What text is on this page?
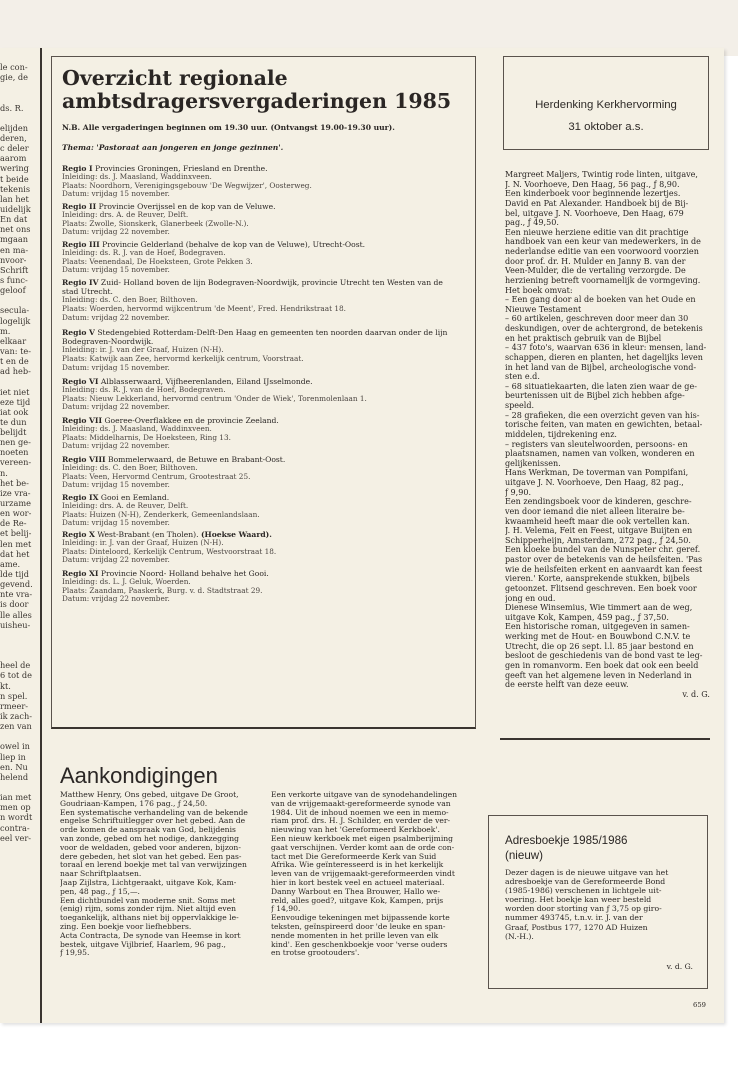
le con-
gie, de
ds. R.
elijden
deren,
c deler
aarom
wering
t beide
tekenis
lan het
uidelijk
En dat
net ons
mgaan
en ma-
nvoor-
Schrift
s func-
geloof
secula-
logelijk
m.
elkaar
van: te-
t en de
ad heb-
iet niet
eze tijd
iat ook
te dun
belijdt
nen ge-
noeten
vereen-
n.
het be-
ize vra-
urzame
en wor-
de Re-
et belij-
len met
dat het
ame.
lde tijd
gevend.
nte vra-
is door
lle alles
uisheu-
heel de
6 tot de
kt.
n spel.
rmeer-
ik zach-
zen van
owel in
liep in
en. Nu
helend
ian met
men op
n wordt
contra-
eel ver-
Overzicht regionale
ambtsdragersvergaderingen 1985
N.B. Alle vergaderingen beginnen om 19.30 uur. (Ontvangst 19.00-19.30 uur).
Thema: 'Pastoraat aan jongeren en jonge gezinnen'.
Regio I Provincies Groningen, Friesland en Drenthe.
Inleiding: ds. J. Maasland, Waddinxveen.
Plaats: Noordhorn, Verenigingsgebouw 'De Wegwijzer', Oosterweg.
Datum: vrijdag 15 november.
Regio II Provincie Overijssel en de kop van de Veluwe.
Inleiding: drs. A. de Reuver, Delft.
Plaats: Zwolle, Sionskerk, Glanerbeek (Zwolle-N.).
Datum: vrijdag 22 november.
Regio III Provincie Gelderland (behalve de kop van de Veluwe), Utrecht-Oost.
Inleiding: ds. R. J. van de Hoef, Bodegraven.
Plaats: Veenendaal, De Hoeksteen, Grote Pekken 3.
Datum: vrijdag 15 november.
Regio IV Zuid- Holland boven de lijn Bodegraven-Noordwijk, provincie Utrecht ten Westen van de
stad Utrecht.
Inleiding: ds. C. den Boer, Bilthoven.
Plaats: Woerden, hervormd wijkcentrum 'de Meent', Fred. Hendrikstraat 18.
Datum: vrijdag 22 november.
Regio V Stedengebied Rotterdam-Delft-Den Haag en gemeenten ten noorden daarvan onder de lijn
Bodegraven-Noordwijk.
Inleiding: ir. J. van der Graaf, Huizen (N-H).
Plaats: Katwijk aan Zee, hervormd kerkelijk centrum, Voorstraat.
Datum: vrijdag 15 november.
Regio VI Alblasserwaard, Vijfheerenlanden, Eiland IJsselmonde.
Inleiding: ds. R. J. van de Hoef, Bodegraven.
Plaats: Nieuw Lekkerland, hervormd centrum 'Onder de Wiek', Torenmolenlaan 1.
Datum: vrijdag 22 november.
Regio VII Goeree-Overflakkee en de provincie Zeeland.
Inleiding: ds. J. Maasland, Waddinxveen.
Plaats: Middelharnis, De Hoeksteen, Ring 13.
Datum: vrijdag 22 november.
Regio VIII Bommelerwaard, de Betuwe en Brabant-Oost.
Inleiding: ds. C. den Boer, Bilthoven.
Plaats: Veen, Hervormd Centrum, Grootestraat 25.
Datum: vrijdag 15 november.
Regio IX Gooi en Eemland.
Inleiding: drs. A. de Reuver, Delft.
Plaats: Huizen (N-H), Zenderkerk, Gemeenlandslaan.
Datum: vrijdag 15 november.
Regio X West-Brabant (en Tholen). (Hoekse Waard).
Inleiding: ir. J. van der Graaf, Huizen (N-H).
Plaats: Dinteloord, Kerkelijk Centrum, Westvoorstraat 18.
Datum: vrijdag 22 november.
Regio XI Provincie Noord- Holland behalve het Gooi.
Inleiding: ds. L. J. Geluk, Woerden.
Plaats: Zaandam, Paaskerk, Burg. v. d. Stadtstraat 29.
Datum: vrijdag 22 november.
Herdenking Kerkhervorming
31 oktober a.s.
Margreet Maljers, Twintig rode linten, uitgave,
J. N. Voorhoeve, Den Haag, 56 pag., ƒ 8,90.
Een kinderboek voor beginnende lezertjes.
David en Pat Alexander. Handboek bij de Bij-
bel, uitgave J. N. Voorhoeve, Den Haag, 679
pag., ƒ 49,50.
Een nieuwe herziene editie van dit prachtige
handboek van een keur van medewerkers, in de
nederlandse editie van een voorwoord voorzien
door prof. dr. H. Mulder en Janny B. van der
Veen-Mulder, die de vertaling verzorgde. De
herziening betreft voornamelijk de vormgeving.
Het boek omvat:
– Een gang door al de boeken van het Oude en
Nieuwe Testament
– 60 artikelen, geschreven door meer dan 30
deskundigen, over de achtergrond, de betekenis
en het praktisch gebruik van de Bijbel
– 437 foto's, waarvan 636 in kleur: mensen, land-
schappen, dieren en planten, het dagelijks leven
in het land van de Bijbel, archeologische vond-
sten e.d.
– 68 situatiekaarten, die laten zien waar de ge-
beurtenissen uit de Bijbel zich hebben afge-
speeld.
– 28 grafieken, die een overzicht geven van his-
torische feiten, van maten en gewichten, betaal-
middelen, tijdrekening enz.
– registers van sleutelwoorden, persoons- en
plaatsnamen, namen van volken, wonderen en
gelijkenissen.
Hans Werkman, De toverman van Pompifani,
uitgave J. N. Voorhoeve, Den Haag, 82 pag.,
ƒ 9,90.
Een zendingsboek voor de kinderen, geschre-
ven door iemand die niet alleen literaire be-
kwaamheid heeft maar die ook vertellen kan.
J. H. Velema, Feit en Feest, uitgave Buijten en
Schipperheijn, Amsterdam, 272 pag., ƒ 24,50.
Een kloeke bundel van de Nunspeter chr. geref.
pastor over de betekenis van de heilsfeiten. 'Pas
wie de heilsfeiten erkent en aanvaardt kan feest
vieren.' Korte, aansprekende stukken, bijbels
getoonzet. Flitsend geschreven. Een boek voor
jong en oud.
Dienese Winsemius, Wie timmert aan de weg,
uitgave Kok, Kampen, 459 pag., ƒ 37,50.
Een historische roman, uitgegeven in samen-
werking met de Hout- en Bouwbond C.N.V. te
Utrecht, die op 26 sept. l.l. 85 jaar bestond en
besloot de geschiedenis van de bond vast te leg-
gen in romanvorm. Een boek dat ook een beeld
geeft van het algemene leven in Nederland in
de eerste helft van deze eeuw.
v. d. G.
Aankondigingen
Matthew Henry, Ons gebed, uitgave De Groot,
Goudriaan-Kampen, 176 pag., ƒ 24,50.
Een systematische verhandeling van de bekende
engelse Schriftuitlegger over het gebed. Aan de
orde komen de aanspraak van God, belijdenis
van zonde, gebed om het nodige, dankzegging
voor de weldaden, gebed voor anderen, bijzon-
dere gebeden, het slot van het gebed. Een pas-
toraal en lerend boekje met tal van verwijzingen
naar Schriftplaatsen.
Jaap Zijlstra, Lichtgeraakt, uitgave Kok, Kam-
pen, 48 pag., ƒ 15,—.
Een dichtbundel van moderne snit. Soms met
(enig) rijm, soms zonder rijm. Niet altijd even
toegankelijk, althans niet bij oppervlakkige le-
zing. Een boekje voor liefhebbers.
Acta Contracta, De synode van Heemse in kort
bestek, uitgave Vijlbrief, Haarlem, 96 pag.,
ƒ 19,95.
Een verkorte uitgave van de synodehandelingen
van de vrijgemaakt-gereformeerde synode van
1984. Uit de inhoud noemen we een in memo-
riam prof. drs. H. J. Schilder, en verder de ver-
nieuwing van het 'Gereformeerd Kerkboek'.
Een nieuw kerkboek met eigen psalmberijming
gaat verschijnen. Verder komt aan de orde con-
tact met Die Gereformeerde Kerk van Suid
Afrika. Wie geïnteresseerd is in het kerkelijk
leven van de vrijgemaakt-gereformeerden vindt
hier in kort bestek veel en actueel materiaal.
Danny Warbout en Thea Brouwer, Hallo we-
reld, alles goed?, uitgave Kok, Kampen, prijs
ƒ 14,90.
Eenvoudige tekeningen met bijpassende korte
teksten, geïnspireerd door 'de leuke en span-
nende momenten in het prille leven van elk
kind'. Een geschenkboekje voor 'verse ouders
en trotse grootouders'.
Adresboekje 1985/1986
(nieuw)
Dezer dagen is de nieuwe uitgave van het
adresboekje van de Gereformeerde Bond
(1985-1986) verschenen in lichtgele uit-
voering. Het boekje kan weer besteld
worden door storting van ƒ 3,75 op giro-
nummer 493745, t.n.v. ir. J. van der
Graaf, Postbus 177, 1270 AD Huizen
(N.-H.).
v. d. G.
659
